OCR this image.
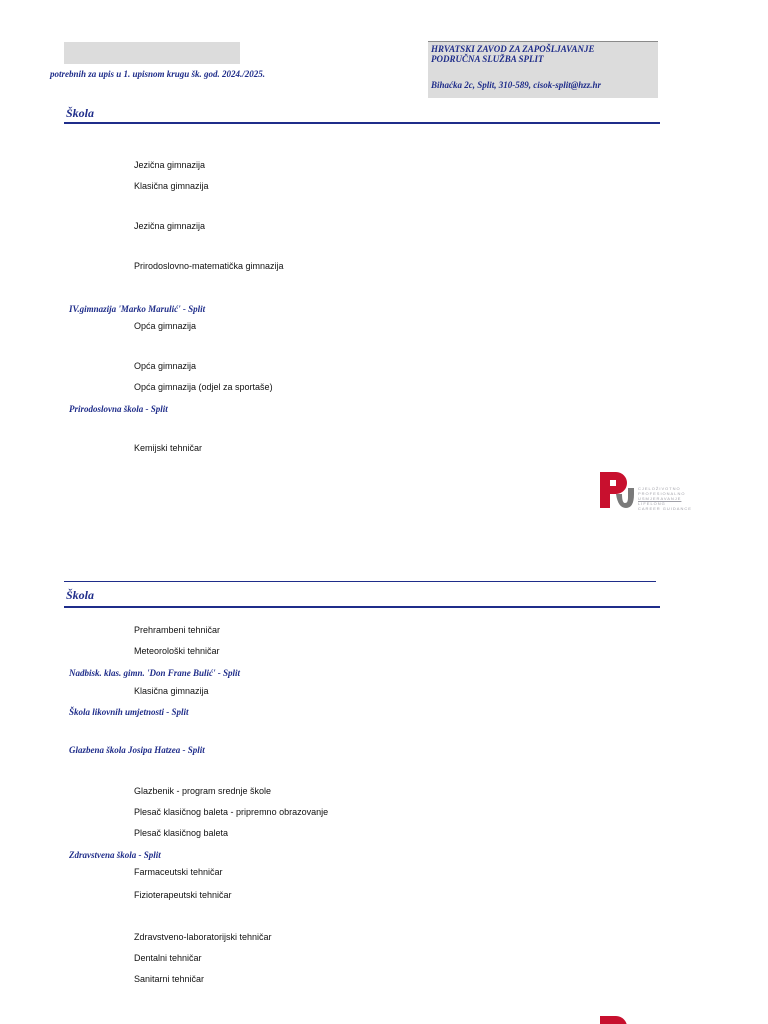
potrebnih za upis u 1. upisnom krugu šk. god. 2024./2025.
HRVATSKI ZAVOD ZA ZAPOŠLJAVANJE
PODRUČNA SLUŽBA SPLIT
Bihaćka 2c, Split, 310-589, cisok-split@hzz.hr
Škola
Jezična gimnazija
Klasična gimnazija
Jezična gimnazija
Prirodoslovno-matematička gimnazija
IV.gimnazija 'Marko Marulić' - Split
Opća gimnazija
Opća gimnazija
Opća gimnazija (odjel za sportaše)
Prirodoslovna škola - Split
Kemijski tehničar
CJELOŽIVOTNO
PROFESIONALNO
USMJERAVANJE
LIFELONG
CAREER GUIDANCE
Škola
Prehrambeni tehničar
Meteorološki tehničar
Nadbisk. klas. gimn. 'Don Frane Bulić' - Split
Klasična gimnazija
Škola likovnih umjetnosti - Split
Glazbena škola Josipa Hatzea - Split
Glazbenik - program srednje škole
Plesač klasičnog baleta - pripremno obrazovanje
Plesač klasičnog baleta
Zdravstvena škola - Split
Farmaceutski tehničar
Fizioterapeutski tehničar
Zdravstveno-laboratorijski tehničar
Dentalni tehničar
Sanitarni tehničar
